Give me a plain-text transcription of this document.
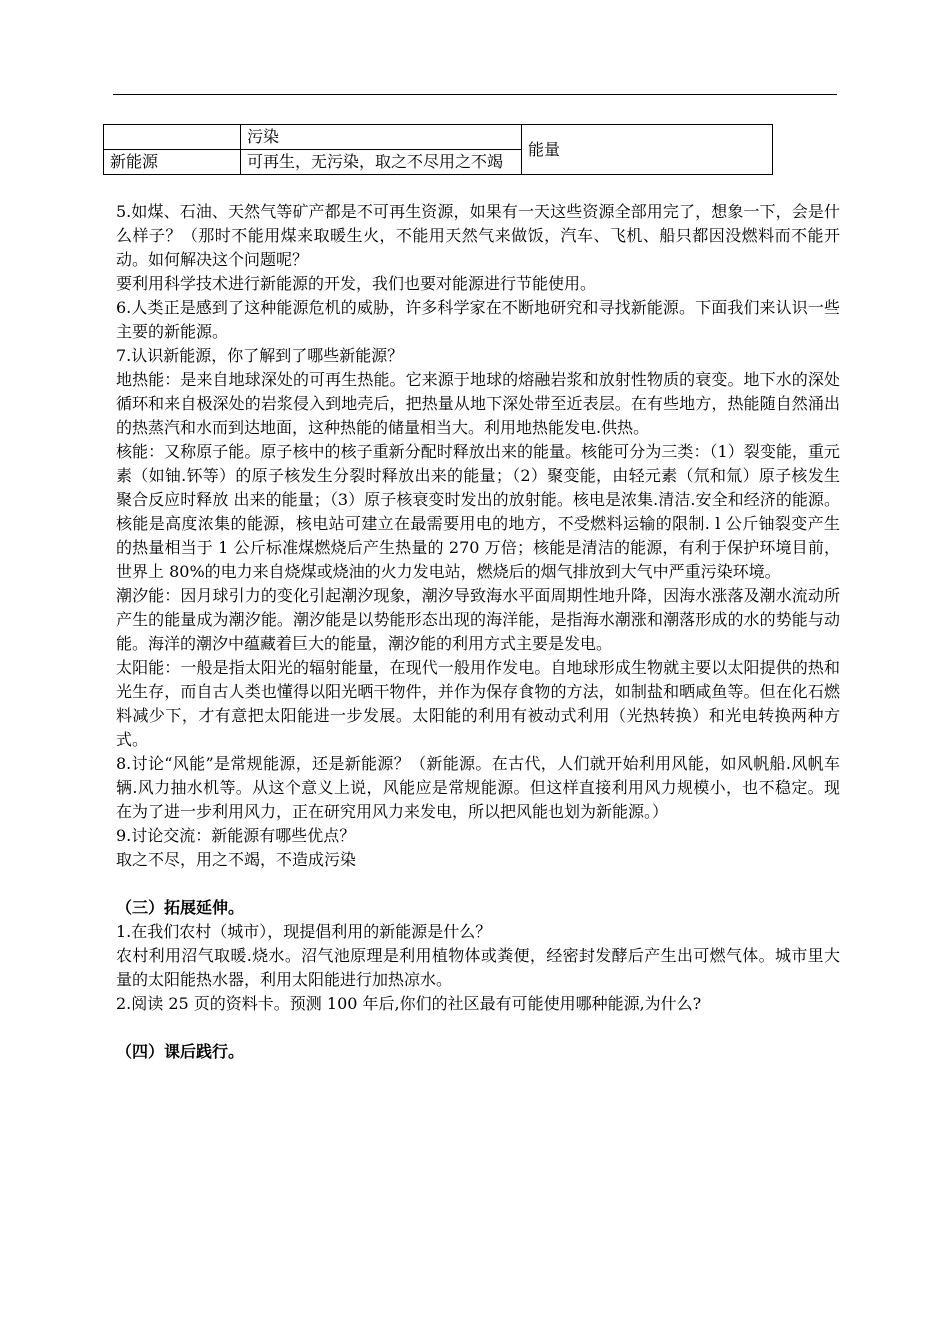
	污染	能量
新能源	可再生，无污染，取之不尽用之不竭	

5.如煤、石油、天然气等矿产都是不可再生资源，如果有一天这些资源全部用完了，想象一下，会是什么样子？（那时不能用煤来取暖生火，不能用天然气来做饭，汽车、飞机、船只都因没燃料而不能开动。如何解决这个问题呢？

要利用科学技术进行新能源的开发，我们也要对能源进行节能使用。

6.人类正是感到了这种能源危机的威胁，许多科学家在不断地研究和寻找新能源。下面我们来认识一些主要的新能源。

7.认识新能源，你了解到了哪些新能源？

地热能：是来自地球深处的可再生热能。它来源于地球的熔融岩浆和放射性物质的衰变。地下水的深处循环和来自极深处的岩浆侵入到地壳后，把热量从地下深处带至近表层。在有些地方，热能随自然涌出的热蒸汽和水而到达地面，这种热能的储量相当大。利用地热能发电.供热。

核能：又称原子能。原子核中的核子重新分配时释放出来的能量。核能可分为三类：（1）裂变能，重元素（如铀.钚等）的原子核发生分裂时释放出来的能量；（2）聚变能，由轻元素（氘和氚）原子核发生聚合反应时释放 出来的能量；（3）原子核衰变时发出的放射能。核电是浓集.清洁.安全和经济的能源。核能是高度浓集的能源，核电站可建立在最需要用电的地方，不受燃料运输的限制. l 公斤铀裂变产生的热量相当于 1 公斤标准煤燃烧后产生热量的 270 万倍；核能是清洁的能源，有利于保护环境目前，世界上 80%的电力来自烧煤或烧油的火力发电站，燃烧后的烟气排放到大气中严重污染环境。

潮汐能：因月球引力的变化引起潮汐现象，潮汐导致海水平面周期性地升降，因海水涨落及潮水流动所产生的能量成为潮汐能。潮汐能是以势能形态出现的海洋能，是指海水潮涨和潮落形成的水的势能与动能。海洋的潮汐中蕴藏着巨大的能量，潮汐能的利用方式主要是发电。

太阳能：一般是指太阳光的辐射能量，在现代一般用作发电。自地球形成生物就主要以太阳提供的热和光生存，而自古人类也懂得以阳光晒干物件，并作为保存食物的方法，如制盐和晒咸鱼等。但在化石燃料减少下，才有意把太阳能进一步发展。太阳能的利用有被动式利用（光热转换）和光电转换两种方式。

8.讨论“风能”是常规能源，还是新能源？（新能源。在古代，人们就开始利用风能，如风帆船.风帆车辆.风力抽水机等。从这个意义上说，风能应是常规能源。但这样直接利用风力规模小，也不稳定。现在为了进一步利用风力，正在研究用风力来发电，所以把风能也划为新能源。）

9.讨论交流：新能源有哪些优点？

取之不尽，用之不竭，不造成污染

（三）拓展延伸。

1.在我们农村（城市），现提倡利用的新能源是什么？

农村利用沼气取暖.烧水。沼气池原理是利用植物体或粪便，经密封发酵后产生出可燃气体。城市里大量的太阳能热水器，利用太阳能进行加热凉水。

2.阅读 25 页的资料卡。预测 100 年后,你们的社区最有可能使用哪种能源,为什么?

（四）课后践行。
